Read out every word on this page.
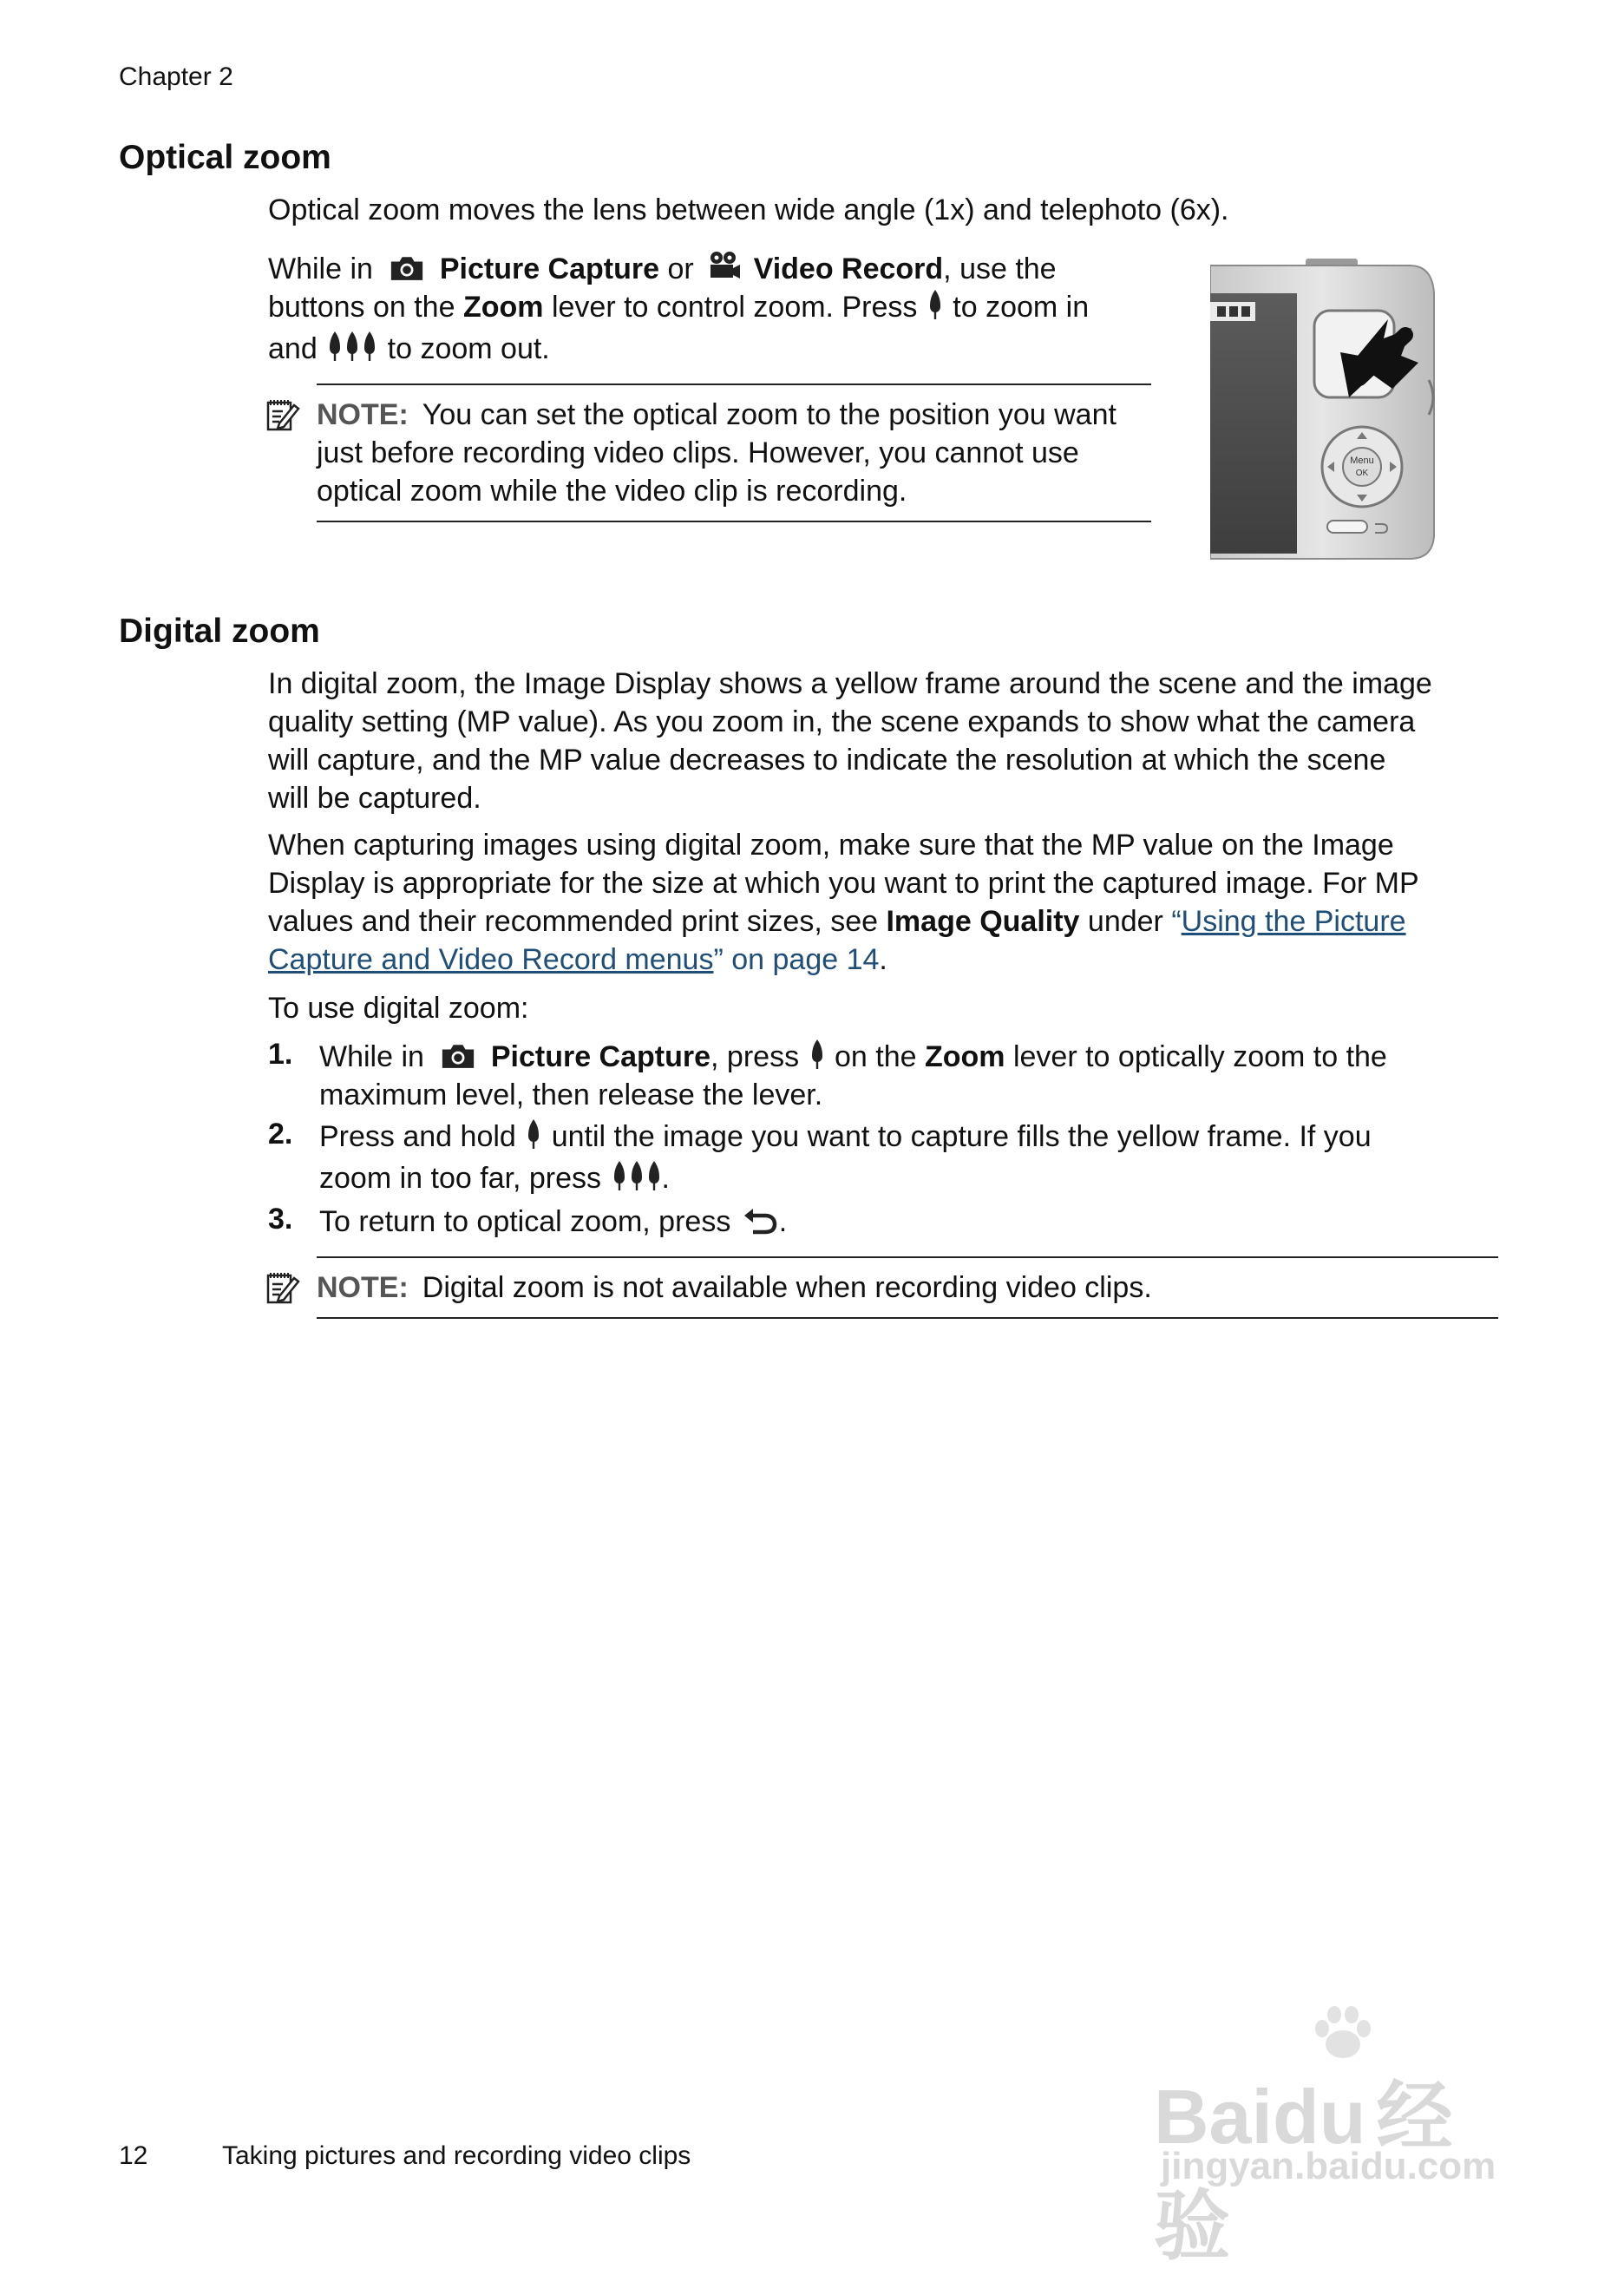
Chapter 2
Optical zoom
Optical zoom moves the lens between wide angle (1x) and telephoto (6x).
While in Picture Capture or Video Record, use the
buttons on the Zoom lever to control zoom. Press to zoom in
and to zoom out.
NOTE: You can set the optical zoom to the position you want
just before recording video clips. However, you cannot use
optical zoom while the video clip is recording.
Menu
OK
Digital zoom
In digital zoom, the Image Display shows a yellow frame around the scene and the image
quality setting (MP value). As you zoom in, the scene expands to show what the camera
will capture, and the MP value decreases to indicate the resolution at which the scene
will be captured.
When capturing images using digital zoom, make sure that the MP value on the Image
Display is appropriate for the size at which you want to print the captured image. For MP
values and their recommended print sizes, see Image Quality under “Using the Picture
Capture and Video Record menus” on page 14.
To use digital zoom:
1. While in Picture Capture, press on the Zoom lever to optically zoom to the
maximum level, then release the lever.
2. Press and hold until the image you want to capture fills the yellow frame. If you
zoom in too far, press .
3. To return to optical zoom, press .
NOTE: Digital zoom is not available when recording video clips.
12	Taking pictures and recording video clips	Baidu 经验
jingyan.baidu.com
